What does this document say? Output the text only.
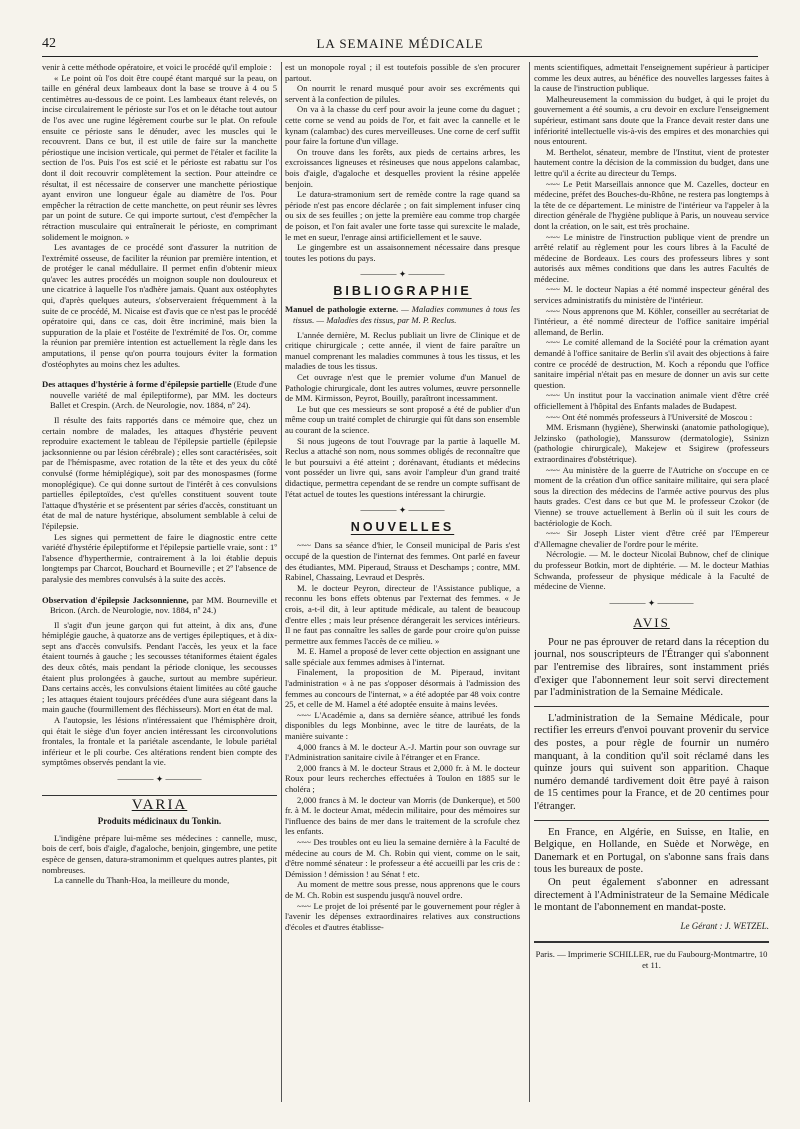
42	LA SEMAINE MÉDICALE

venir à cette méthode opératoire, et voici le procédé qu'il emploie :

« Le point où l'os doit être coupé étant marqué sur la peau, on taille en général deux lambeaux dont la base se trouve à 4 ou 5 centimètres au-dessous de ce point. Les lambeaux étant relevés, on incise circulairement le périoste sur l'os et on le détache tout autour de l'os avec une rugine légèrement courbe sur le plat. On refoule ensuite ce périoste sans le dénuder, avec les muscles qui le recouvrent. Dans ce but, il est utile de faire sur la manchette périostique une incision verticale, qui permet de l'étaler et facilite la section de l'os. Puis l'os est scié et le périoste est rabattu sur l'os dont il doit recouvrir complètement la section. Pour atteindre ce résultat, il est nécessaire de conserver une manchette périostique ayant environ une longueur égale au diamètre de l'os. Pour empêcher la rétraction de cette manchette, on peut réunir ses lèvres par un point de suture. Ce qui importe surtout, c'est d'empêcher la rétraction musculaire qui entraînerait le périoste, en comprimant solidement le moignon. »

Les avantages de ce procédé sont d'assurer la nutrition de l'extrémité osseuse, de faciliter la réunion par première intention, et de protéger le canal médullaire. Il permet enfin d'obtenir mieux qu'avec les autres procédés un moignon souple non douloureux et une cicatrice à laquelle l'os n'adhère jamais. Quant aux ostéophytes qui, d'après quelques auteurs, s'observeraient fréquemment à la suite de ce procédé, M. Nicaise est d'avis que ce n'est pas le procédé opératoire qui, dans ce cas, doit être incriminé, mais bien la suppuration de la plaie et l'ostéite de l'extrémité de l'os. Or, comme la réunion par première intention est actuellement la règle dans les amputations, il pense qu'on pourra toujours éviter la formation d'ostéophytes au moins chez les adultes.

Des attaques d'hystérie à forme d'épilepsie partielle (Etude d'une nouvelle variété de mal épileptiforme), par MM. les docteurs Ballet et Crespin. (Arch. de Neurologie, nov. 1884, nº 24).

Il résulte des faits rapportés dans ce mémoire que, chez un certain nombre de malades, les attaques d'hystérie peuvent reproduire exactement le tableau de l'épilepsie partielle (épilepsie jacksonnienne ou par lésion cérébrale) ; elles sont caractérisées, soit par de l'hémispasme, avec rotation de la tête et des yeux du côté convulsé (forme hémiplégique), soit par des monospasmes (forme monoplégique). Ce qui donne surtout de l'intérêt à ces convulsions partielles épileptoïdes, c'est qu'elles constituent souvent toute l'attaque d'hystérie et se présentent par séries d'accès, constituant un état de mal de nature hystérique, absolument semblable à celui de l'épilepsie.

Les signes qui permettent de faire le diagnostic entre cette variété d'hystérie épileptiforme et l'épilepsie partielle vraie, sont : 1º l'absence d'hyperthermie, contrairement à la loi établie depuis longtemps par Charcot, Bouchard et Bourneville ; et 2º l'absence de paralysie des membres convulsés à la suite des accès.

Observation d'épilepsie Jacksonnienne, par MM. Bourneville et Bricon. (Arch. de Neurologie, nov. 1884, nº 24.)

Il s'agit d'un jeune garçon qui fut atteint, à dix ans, d'une hémiplégie gauche, à quatorze ans de vertiges épileptiques, et à dix-sept ans d'accès convulsifs. Pendant l'accès, les yeux et la face étaient tournés à gauche ; les secousses tétaniformes étaient égales des deux côtés, mais pendant la période clonique, les secousses étaient plus prolongées à gauche, surtout au membre supérieur. Dans certains accès, les convulsions étaient limitées au côté gauche ; les attaques étaient toujours précédées d'une aura siégeant dans la main gauche (fourmillement des fléchisseurs). Mort en état de mal.

A l'autopsie, les lésions n'intéressaient que l'hémisphère droit, qui était le siège d'un foyer ancien intéressant les circonvolutions frontales, la frontale et la pariétale ascendante, le lobule pariétal inférieur et le pli courbe. Ces altérations rendent bien compte des symptômes observés pendant la vie.

———— ✦ ————
VARIA
Produits médicinaux du Tonkin.

L'indigène prépare lui-même ses médecines : cannelle, musc, bois de cerf, bois d'aigle, d'agaloche, benjoin, gingembre, une petite espèce de gensen, datura-stramonimm et quelques autres plantes, pit nombreuses.

La cannelle du Thanh-Hoa, la meilleure du monde,

est un monopole royal ; il est toutefois possible de s'en procurer partout.

On nourrit le renard musqué pour avoir ses excréments qui servent à la confection de pilules.

On va à la chasse du cerf pour avoir la jeune corne du daguet ; cette corne se vend au poids de l'or, et fait avec la cannelle et le kynam (calambac) des cures merveilleuses. Une corne de cerf suffit pour faire la fortune d'un village.

On trouve dans les forêts, aux pieds de certains arbres, les excroissances ligneuses et résineuses que nous appelons calambac, bois d'aigle, d'agaloche et desquelles provient la résine appelée benjoin.

Le datura-stramonium sert de remède contre la rage quand sa période n'est pas encore déclarée ; on fait simplement infuser cinq ou six de ses feuilles ; on jette la première eau comme trop chargée de poison, et l'on fait avaler une forte tasse qui surexcite le malade, le met en sueur, l'enrage ainsi artificiellement et le sauve.

Le gingembre est un assaisonnement nécessaire dans presque toutes les potions du pays.

———— ✦ ————
BIBLIOGRAPHIE
Manuel de pathologie externe. — Maladies communes à tous les tissus. — Maladies des tissus, par M. P. Reclus.

L'année dernière, M. Reclus publiait un livre de Clinique et de critique chirurgicale ; cette année, il vient de faire paraître un manuel comprenant les maladies communes à tous les tissus, et les maladies de tous les tissus.

Cet ouvrage n'est que le premier volume d'un Manuel de Pathologie chirurgicale, dont les autres volumes, œuvre personnelle de MM. Kirmisson, Peyrot, Bouilly, paraîtront incessamment.

Le but que ces messieurs se sont proposé a été de publier d'un même coup un traité complet de chirurgie qui fût dans son ensemble au courant de la science.

Si nous jugeons de tout l'ouvrage par la partie à laquelle M. Reclus a attaché son nom, nous sommes obligés de reconnaître que le but poursuivi a été atteint ; dorénavant, étudiants et médecins vont posséder un livre qui, sans avoir l'ampleur d'un grand traité didactique, permettra cependant de se rendre un compte suffisant de l'état actuel de toutes les questions intéressant la chirurgie.

———— ✦ ————
NOUVELLES

~~~ Dans sa séance d'hier, le Conseil municipal de Paris s'est occupé de la question de l'internat des femmes. Ont parlé en faveur des étudiantes, MM. Piperaud, Strauss et Deschamps ; contre, MM. Rabinel, Chassaing, Levraud et Desprès.

M. le docteur Peyron, directeur de l'Assistance publique, a reconnu les bons effets obtenus par l'externat des femmes. « Je crois, a-t-il dit, à leur aptitude médicale, au talent de beaucoup d'entre elles ; mais leur présence dérangerait les services intérieurs. Il ne faut pas connaître les salles de garde pour croire qu'on puisse permettre aux femmes l'accès de ce milieu. »

M. E. Hamel a proposé de lever cette objection en assignant une salle spéciale aux femmes admises à l'internat.

Finalement, la proposition de M. Piperaud, invitant l'administration « à ne pas s'opposer désormais à l'admission des femmes au concours de l'internat, » a été adoptée par 48 voix contre 25, et celle de M. Hamel a été adoptée ensuite à mains levées.

~~~ L'Académie a, dans sa dernière séance, attribué les fonds disponibles du legs Monbinne, avec le titre de lauréats, de la manière suivante :

4,000 francs à M. le docteur A.-J. Martin pour son ouvrage sur l'Administration sanitaire civile à l'étranger et en France.

2,000 francs à M. le docteur Straus et 2,000 fr. à M. le docteur Roux pour leurs recherches effectuées à Toulon en 1885 sur le choléra ;

2,000 francs à M. le docteur van Morris (de Dunkerque), et 500 fr. à M. le docteur Amat, médecin militaire, pour des mémoires sur l'influence des bains de mer dans le traitement de la scrofule chez les enfants.

~~~ Des troubles ont eu lieu la semaine dernière à la Faculté de médecine au cours de M. Ch. Robin qui vient, comme on le sait, d'être nommé sénateur : le professeur a été accueilli par les cris de : Démission ! démission ! au Sénat ! etc.

Au moment de mettre sous presse, nous apprenons que le cours de M. Ch. Robin est suspendu jusqu'à nouvel ordre.

~~~ Le projet de loi présenté par le gouvernement pour régler à l'avenir les dépenses extraordinaires relatives aux constructions d'écoles et d'autres établisse-

ments scientifiques, admettait l'enseignement supérieur à participer comme les deux autres, au bénéfice des nouvelles largesses faites à la cause de l'instruction publique.

Malheureusement la commission du budget, à qui le projet du gouvernement a été soumis, a cru devoir en exclure l'enseignement supérieur, estimant sans doute que la France devait rester dans une infériorité intellectuelle vis-à-vis des empires et des monarchies qui nous entourent.

M. Berthelot, sénateur, membre de l'Institut, vient de protester hautement contre la décision de la commission du budget, dans une lettre qu'il a écrite au directeur du Temps.

~~~ Le Petit Marseillais annonce que M. Cazelles, docteur en médecine, préfet des Bouches-du-Rhône, ne restera pas longtemps à la tête de ce département. Le ministre de l'intérieur va l'appeler à la direction générale de l'hygiène publique à Paris, un nouveau service dont la création, on le sait, est très prochaine.

~~~ Le ministre de l'instruction publique vient de prendre un arrêté relatif au règlement pour les cours libres à la Faculté de médecine de Bordeaux. Les cours des professeurs libres y sont autorisés aux mêmes conditions que dans les autres Facultés de médecine.

~~~ M. le docteur Napias a été nommé inspecteur général des services administratifs du ministère de l'intérieur.

~~~ Nous apprenons que M. Köhler, conseiller au secrétariat de l'intérieur, a été nommé directeur de l'office sanitaire impérial allemand, de Berlin.

~~~ Le comité allemand de la Société pour la crémation ayant demandé à l'office sanitaire de Berlin s'il avait des objections à faire contre ce procédé de destruction, M. Koch a répondu que l'office sanitaire impérial n'était pas en mesure de donner un avis sur cette question.

~~~ Un institut pour la vaccination animale vient d'être créé officiellement à l'hôpital des Enfants malades de Budapest.

~~~ Ont été nommés professeurs à l'Université de Moscou :

MM. Erismann (hygiène), Sherwinski (anatomie pathologique), Jelzinsko (pathologie), Manssurow (dermatologie), Ssinizn (pathologie chirurgicale), Makejew et Ssigirew (professeurs extraordinaires d'obstétrique).

~~~ Au ministère de la guerre de l'Autriche on s'occupe en ce moment de la création d'un office sanitaire militaire, qui sera placé sous la direction des médecins de l'armée active pourvus des plus hauts grades. C'est dans ce but que M. le professeur Czokor (de Vienne) se trouve actuellement à Berlin où il suit les cours de bactériologie de Koch.

~~~ Sir Joseph Lister vient d'être créé par l'Empereur d'Allemagne chevalier de l'ordre pour le mérite.

Nécrologie. — M. le docteur Nicolaï Bubnow, chef de clinique du professeur Botkin, mort de diphtérie. — M. le docteur Mathias Schwanda, professeur de physique médicale à la Faculté de médecine de Vienne.

———— ✦ ————
AVIS

Pour ne pas éprouver de retard dans la réception du journal, nos souscripteurs de l'Étranger qui s'abonnent par l'entremise des libraires, sont instamment priés d'exiger que l'abonnement leur soit servi directement par l'administration de la Semaine Médicale.

L'administration de la Semaine Médicale, pour rectifier les erreurs d'envoi pouvant provenir du service des postes, a pour règle de fournir un numéro manquant, à la condition qu'il soit réclamé dans les quinze jours qui suivent son apparition. Chaque numéro demandé tardivement doit être payé à raison de 15 centimes pour la France, et de 20 centimes pour l'étranger.

En France, en Algérie, en Suisse, en Italie, en Belgique, en Hollande, en Suède et Norwège, en Danemark et en Portugal, on s'abonne sans frais dans tous les bureaux de poste.

On peut également s'abonner en adressant directement à l'Administrateur de la Semaine Médicale le montant de l'abonnement en mandat-poste.

Le Gérant : J. WETZEL.
Paris. — Imprimerie SCHILLER, rue du Faubourg-Montmartre, 10 et 11.
